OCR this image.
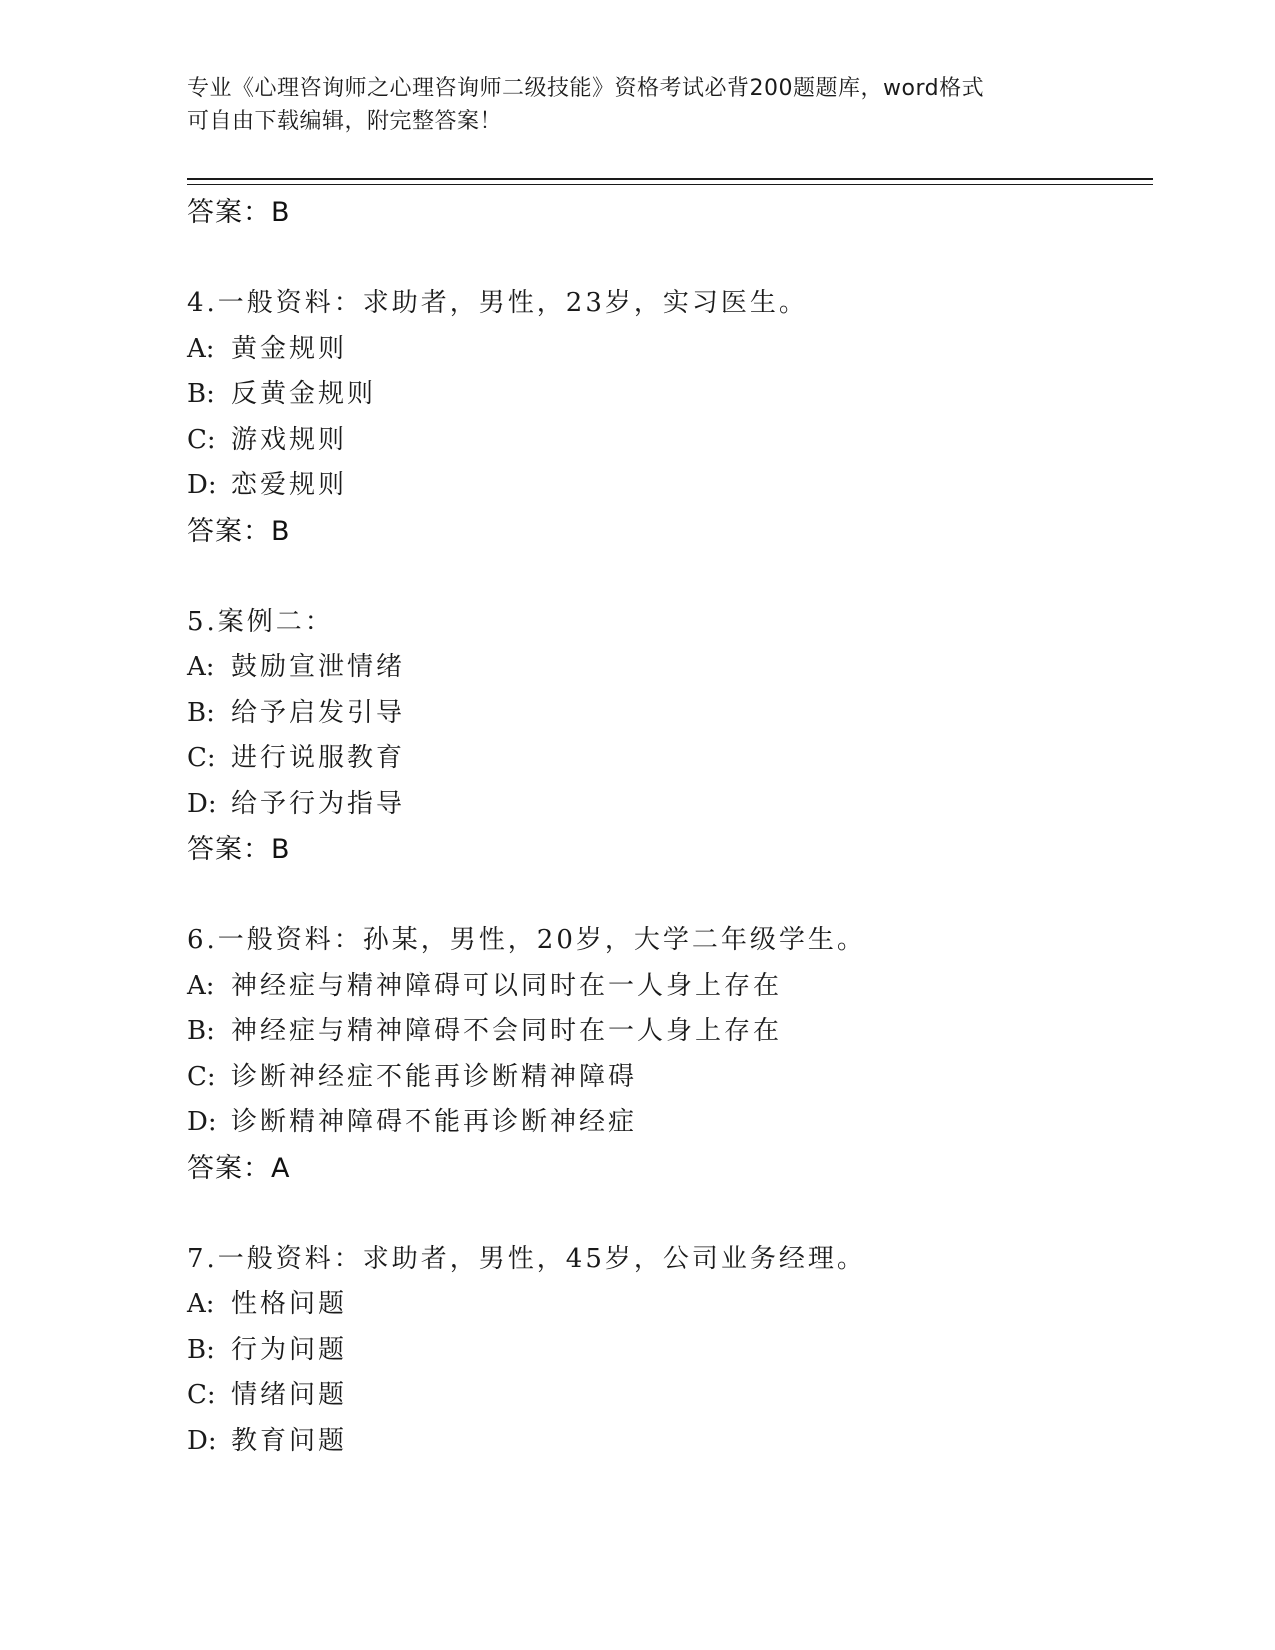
专业《心理咨询师之心理咨询师二级技能》资格考试必背200题题库，word格式
可自由下载编辑，附完整答案！
答案：B
4.一般资料：求助者，男性，23岁，实习医生。
A: 黄金规则
B: 反黄金规则
C: 游戏规则
D: 恋爱规则
答案：B
5.案例二：
A: 鼓励宣泄情绪
B: 给予启发引导
C: 进行说服教育
D: 给予行为指导
答案：B
6.一般资料：孙某，男性，20岁，大学二年级学生。
A: 神经症与精神障碍可以同时在一人身上存在
B: 神经症与精神障碍不会同时在一人身上存在
C: 诊断神经症不能再诊断精神障碍
D: 诊断精神障碍不能再诊断神经症
答案：A
7.一般资料：求助者，男性，45岁，公司业务经理。
A: 性格问题
B: 行为问题
C: 情绪问题
D: 教育问题
